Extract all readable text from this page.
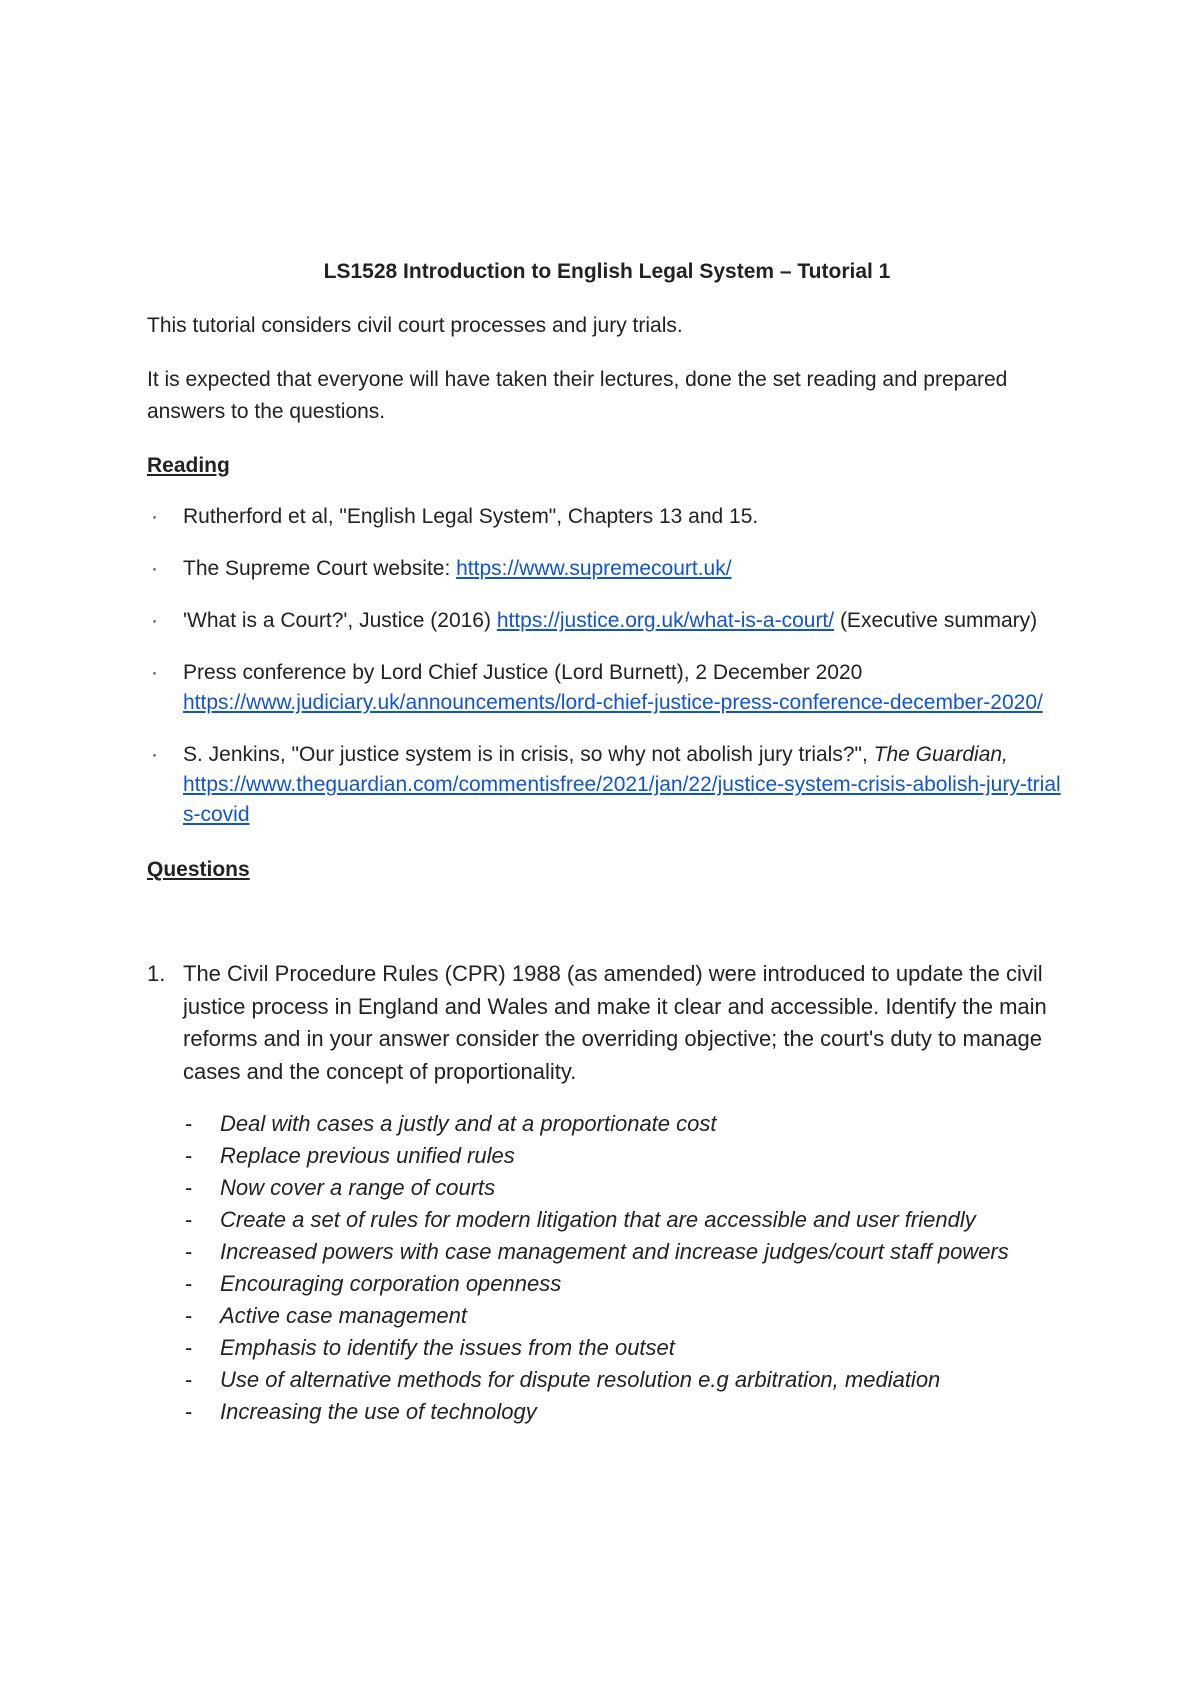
LS1528 Introduction to English Legal System – Tutorial 1

This tutorial considers civil court processes and jury trials.

It is expected that everyone will have taken their lectures, done the set reading and prepared answers to the questions.

Reading
· Rutherford et al, "English Legal System", Chapters 13 and 15.
· The Supreme Court website: https://www.supremecourt.uk/
· 'What is a Court?', Justice (2016) https://justice.org.uk/what-is-a-court/ (Executive summary)
· Press conference by Lord Chief Justice (Lord Burnett), 2 December 2020
https://www.judiciary.uk/announcements/lord-chief-justice-press-conference-december-2020/
· S. Jenkins, "Our justice system is in crisis, so why not abolish jury trials?", The Guardian,
https://www.theguardian.com/commentisfree/2021/jan/22/justice-system-crisis-abolish-jury-trials-covid
Questions
1. The Civil Procedure Rules (CPR) 1988 (as amended) were introduced to update the civil justice process in England and Wales and make it clear and accessible. Identify the main reforms and in your answer consider the overriding objective; the court's duty to manage cases and the concept of proportionality.
- Deal with cases a justly and at a proportionate cost
- Replace previous unified rules
- Now cover a range of courts
- Create a set of rules for modern litigation that are accessible and user friendly
- Increased powers with case management and increase judges/court staff powers
- Encouraging corporation openness
- Active case management
- Emphasis to identify the issues from the outset
- Use of alternative methods for dispute resolution e.g arbitration, mediation
- Increasing the use of technology
